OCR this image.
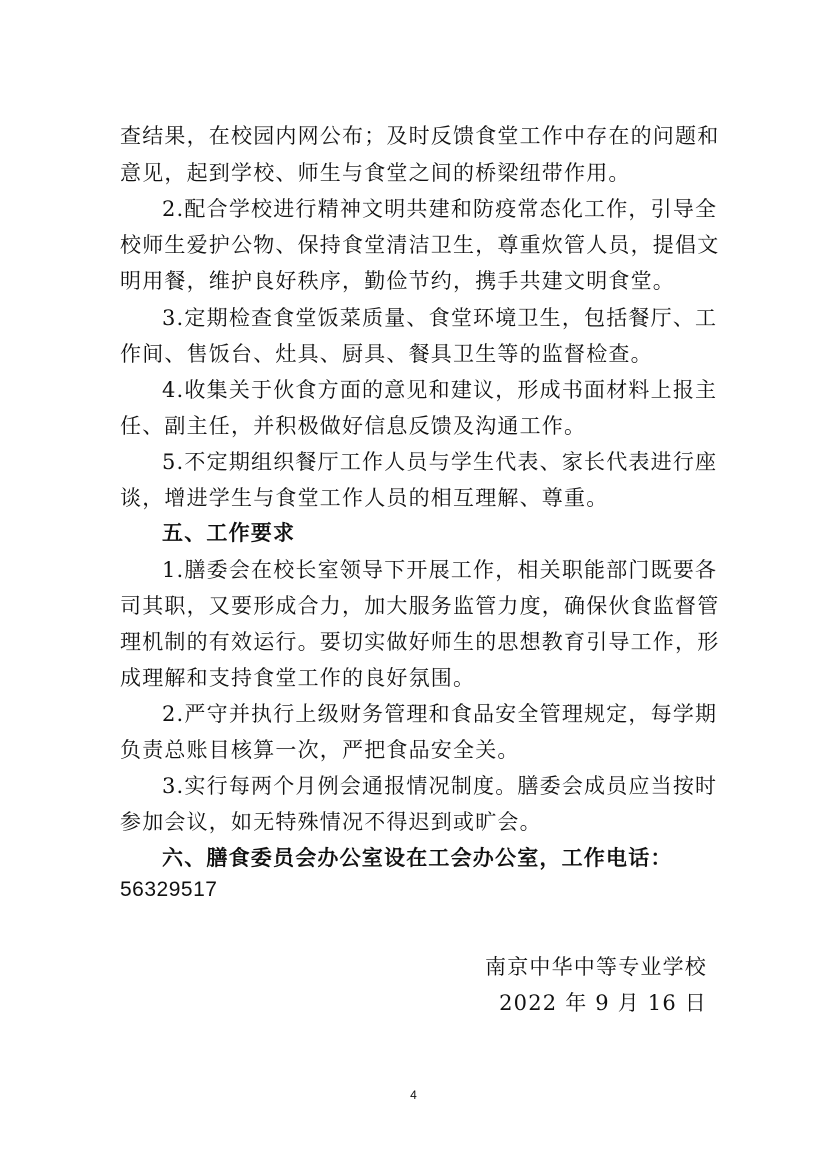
查结果，在校园内网公布；及时反馈食堂工作中存在的问题和
意见，起到学校、师生与食堂之间的桥梁纽带作用。
2.配合学校进行精神文明共建和防疫常态化工作，引导全
校师生爱护公物、保持食堂清洁卫生，尊重炊管人员，提倡文
明用餐，维护良好秩序，勤俭节约，携手共建文明食堂。
3.定期检查食堂饭菜质量、食堂环境卫生，包括餐厅、工
作间、售饭台、灶具、厨具、餐具卫生等的监督检查。
4.收集关于伙食方面的意见和建议，形成书面材料上报主
任、副主任，并积极做好信息反馈及沟通工作。
5.不定期组织餐厅工作人员与学生代表、家长代表进行座
谈，增进学生与食堂工作人员的相互理解、尊重。
五、工作要求
1.膳委会在校长室领导下开展工作，相关职能部门既要各
司其职，又要形成合力，加大服务监管力度，确保伙食监督管
理机制的有效运行。要切实做好师生的思想教育引导工作，形
成理解和支持食堂工作的良好氛围。
2.严守并执行上级财务管理和食品安全管理规定，每学期
负责总账目核算一次，严把食品安全关。
3.实行每两个月例会通报情况制度。膳委会成员应当按时
参加会议，如无特殊情况不得迟到或旷会。
六、膳食委员会办公室设在工会办公室，工作电话：
56329517
南京中华中等专业学校
2022 年 9 月 16 日
4
